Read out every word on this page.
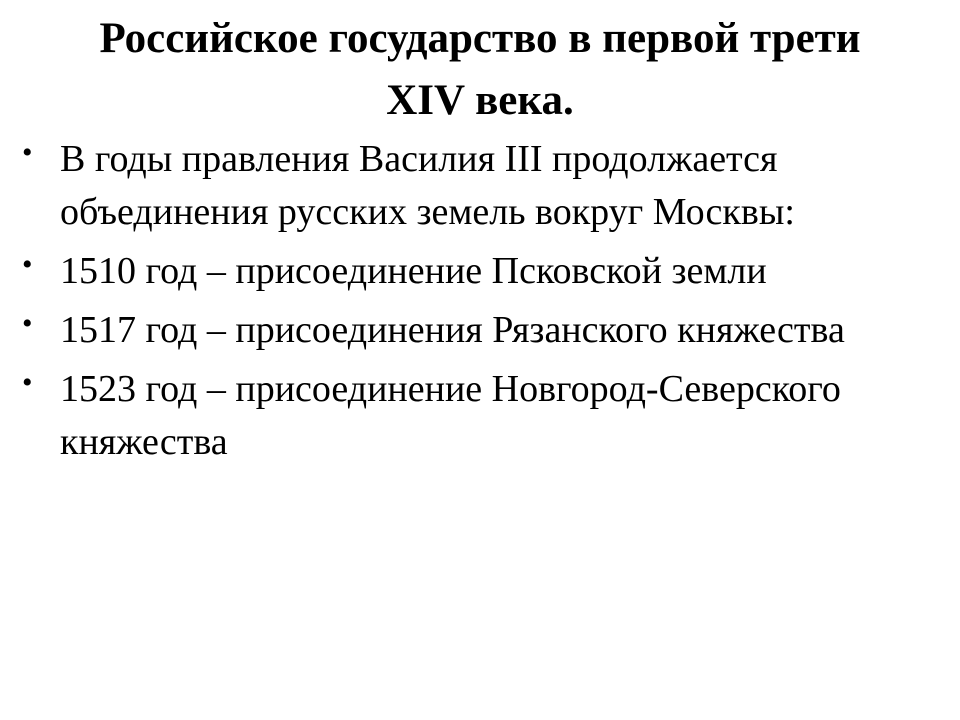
Российское государство в первой трети
XIV века.
• В годы правления Василия III продолжается объединения русских земель вокруг Москвы:
• 1510 год – присоединение Псковской земли
• 1517 год – присоединения Рязанского княжества
• 1523 год – присоединение Новгород-Северского княжества
